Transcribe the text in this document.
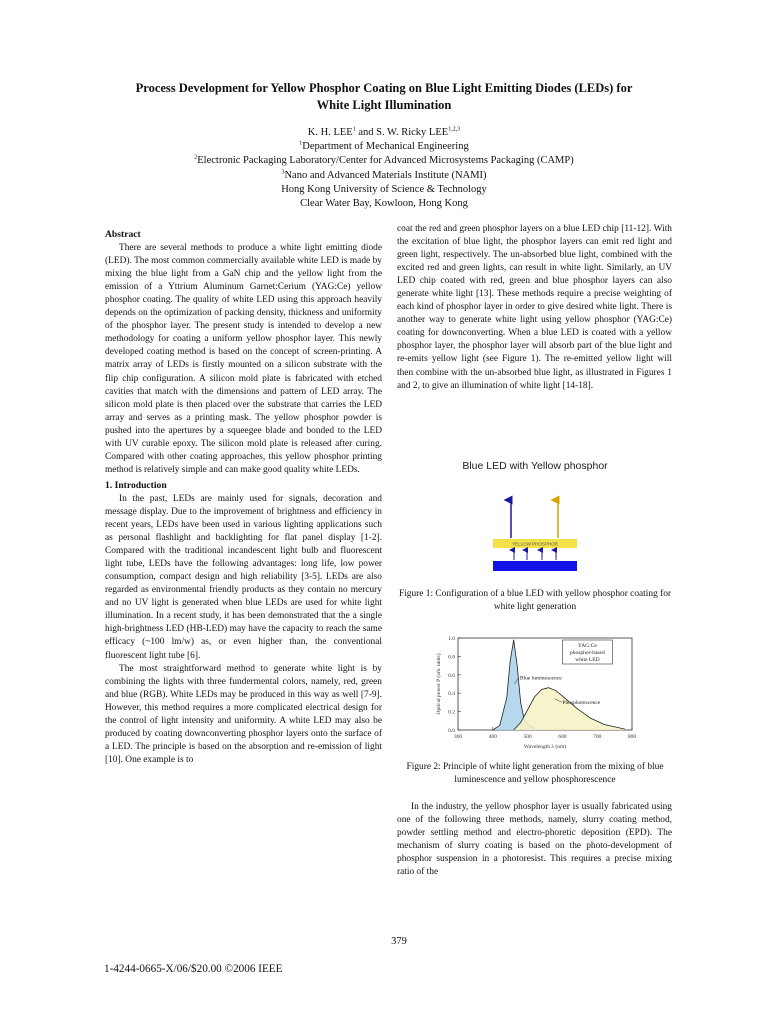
Process Development for Yellow Phosphor Coating on Blue Light Emitting Diodes (LEDs) for
White Light Illumination
K. H. LEE$^1$ and S. W. Ricky LEE$^{1,2,3}$
$^1$Department of Mechanical Engineering
$^2$Electronic Packaging Laboratory/Center for Advanced Microsystems Packaging (CAMP)
$^3$Nano and Advanced Materials Institute (NAMI)
Hong Kong University of Science & Technology
Clear Water Bay, Kowloon, Hong Kong
Abstract

There are several methods to produce a white light emitting diode (LED). The most common commercially available white LED is made by mixing the blue light from a GaN chip and the yellow light from the emission of a Yttrium Aluminum Garnet:Cerium (YAG:Ce) yellow phosphor coating. The quality of white LED using this approach heavily depends on the optimization of packing density, thickness and uniformity of the phosphor layer. The present study is intended to develop a new methodology for coating a uniform yellow phosphor layer. This newly developed coating method is based on the concept of screen-printing. A matrix array of LEDs is firstly mounted on a silicon substrate with the flip chip configuration. A silicon mold plate is fabricated with etched cavities that match with the dimensions and pattern of LED array. The silicon mold plate is then placed over the substrate that carries the LED array and serves as a printing mask. The yellow phosphor powder is pushed into the apertures by a squeegee blade and bonded to the LED with UV curable epoxy. The silicon mold plate is released after curing. Compared with other coating approaches, this yellow phosphor printing method is relatively simple and can make good quality white LEDs.

1. Introduction

In the past, LEDs are mainly used for signals, decoration and message display. Due to the improvement of brightness and efficiency in recent years, LEDs have been used in various lighting applications such as personal flashlight and backlighting for flat panel display [1-2]. Compared with the traditional incandescent light bulb and fluorescent light tube, LEDs have the following advantages: long life, low power consumption, compact design and high reliability [3-5]. LEDs are also regarded as environmental friendly products as they contain no mercury and no UV light is generated when blue LEDs are used for white light illumination. In a recent study, it has been demonstrated that the a single high-brightness LED (HB-LED) may have the capacity to reach the same efficacy (~100 lm/w) as, or even higher than, the conventional fluorescent light tube [6].

The most straightforward method to generate white light is by combining the lights with three fundermental colors, namely, red, green and blue (RGB). White LEDs may be produced in this way as well [7-9]. However, this method requires a more complicated electrical design for the control of light intensity and uniformity. A white LED may also be produced by coating downconverting phosphor layers onto the surface of a LED. The principle is based on the absorption and re-emission of light [10]. One example is to

coat the red and green phosphor layers on a blue LED chip [11-12]. With the excitation of blue light, the phosphor layers can emit red light and green light, respectively. The un-absorbed blue light, combined with the excited red and green lights, can result in white light. Similarly, an UV LED chip coated with red, green and blue phosphor layers can also generate white light [13]. These methods require a precise weighting of each kind of phosphor layer in order to give desired white light. There is another way to generate white light using yellow phosphor (YAG:Ce) coating for downconverting. When a blue LED is coated with a yellow phosphor layer, the phosphor layer will absorb part of the blue light and re-emits yellow light (see Figure 1). The re-emitted yellow light will then combine with the un-absorbed blue light, as illustrated in Figures 1 and 2, to give an illumination of white light [14-18].

Blue LED with Yellow phosphor
YELLOW PHOSPHOR
Figure 1: Configuration of a blue LED with yellow phosphor coating for white light generation
300	400	500	600	700	800
0.0
0.2
0.4
0.6
0.8
1.0
Blue luminescence
Phosphorescence
YAG:Ce
phosphor-based
white LED
Optical power P (arb. units)
Wavelength λ (nm)
Figure 2: Principle of white light generation from the mixing of blue luminescence and yellow phosphorescence

In the industry, the yellow phosphor layer is usually fabricated using one of the following three methods, namely, slurry coating method, powder settling method and electro-phoretic deposition (EPD). The mechanism of slurry coating is based on the photo-development of phosphor suspension in a photoresist. This requires a precise mixing ratio of the

379
1-4244-0665-X/06/$20.00 ©2006 IEEE
